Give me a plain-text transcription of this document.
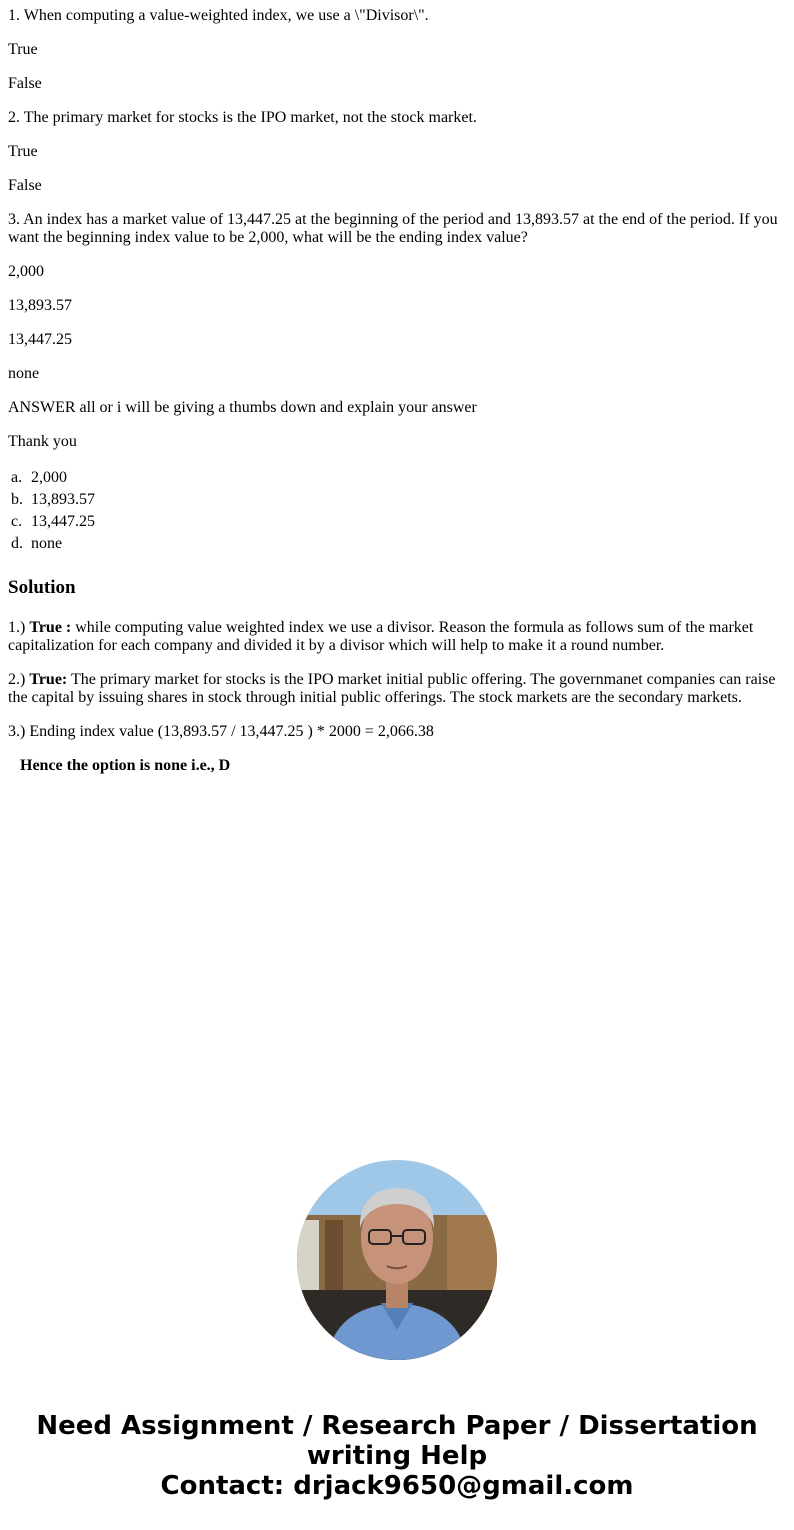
1. When computing a value-weighted index, we use a \"Divisor\".

True

False

2. The primary market for stocks is the IPO market, not the stock market.

True

False

3. An index has a market value of 13,447.25 at the beginning of the period and 13,893.57 at the end of the period. If you want the beginning index value to be 2,000, what will be the ending index value?

2,000

13,893.57

13,447.25

none

ANSWER all or i will be giving a thumbs down and explain your answer

Thank you

a. 2,000
b. 13,893.57
c. 13,447.25
d. none
Solution

1.) True : while computing value weighted index we use a divisor. Reason the formula as follows sum of the market capitalization for each company and divided it by a divisor which will help to make it a round number.

2.) True: The primary market for stocks is the IPO market initial public offering. The governmanet companies can raise the capital by issuing shares in stock through initial public offerings. The stock markets are the secondary markets.

3.) Ending index value (13,893.57 / 13,447.25 ) * 2000 = 2,066.38

Hence the option is none i.e., D

Need Assignment / Research Paper / Dissertation writing Help
Contact: drjack9650@gmail.com
